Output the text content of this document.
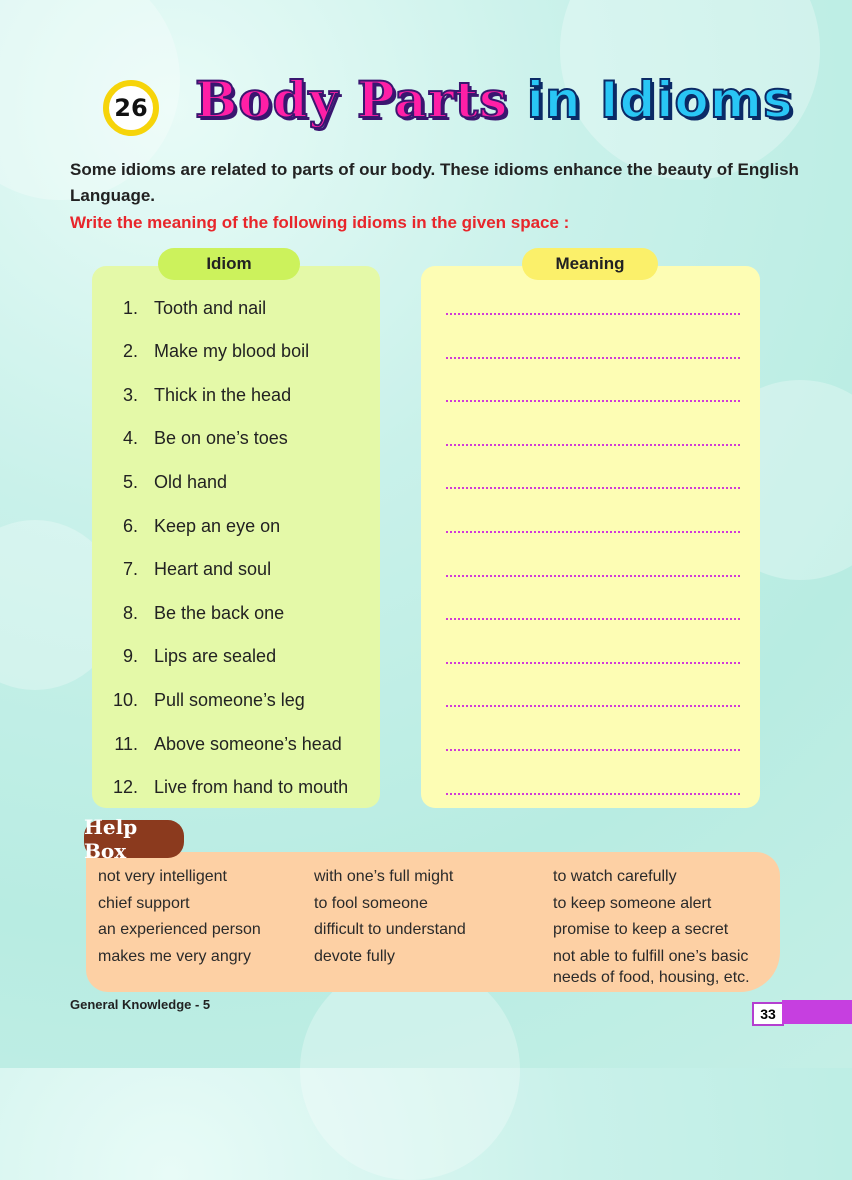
26 Body Parts in Idioms
Some idioms are related to parts of our body. These idioms enhance the beauty of English Language.
Write the meaning of the following idioms in the given space :
Idiom	Meaning
1. Tooth and nail
2. Make my blood boil
3. Thick in the head
4. Be on one’s toes
5. Old hand
6. Keep an eye on
7. Heart and soul
8. Be the back one
9. Lips are sealed
10. Pull someone’s leg
11. Above someone’s head
12. Live from hand to mouth
Help Box
not very intelligent
chief support
an experienced person
makes me very angry
with one’s full might
to fool someone
difficult to understand
devote fully
to watch carefully
to keep someone alert
promise to keep a secret
not able to fulfill one’s basic
needs of food, housing, etc.
General Knowledge - 5
33
